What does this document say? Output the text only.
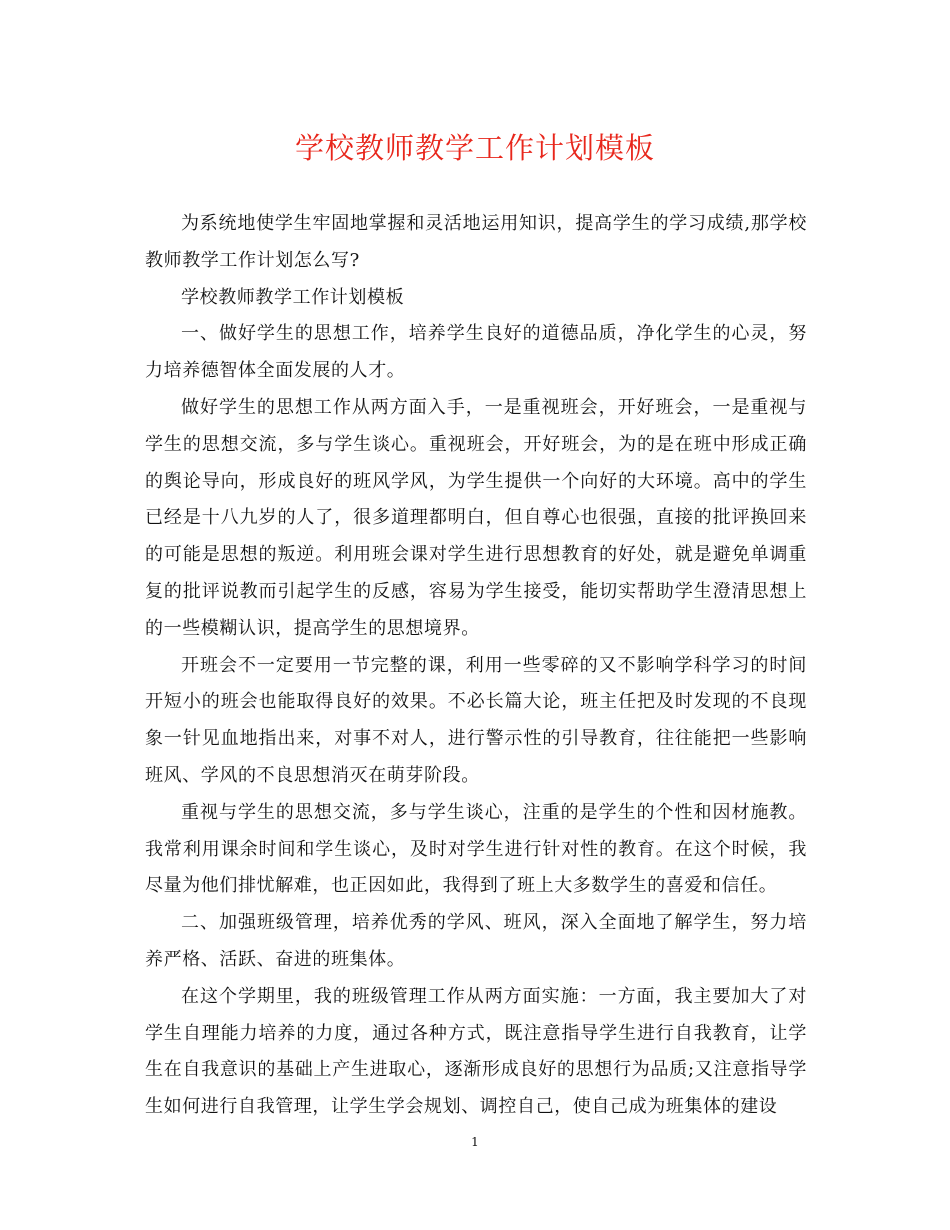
学校教师教学工作计划模板

为系统地使学生牢固地掌握和灵活地运用知识，提高学生的学习成绩,那学校教师教学工作计划怎么写?

学校教师教学工作计划模板

一、做好学生的思想工作，培养学生良好的道德品质，净化学生的心灵，努力培养德智体全面发展的人才。

做好学生的思想工作从两方面入手，一是重视班会，开好班会，一是重视与学生的思想交流，多与学生谈心。重视班会，开好班会，为的是在班中形成正确的舆论导向，形成良好的班风学风，为学生提供一个向好的大环境。高中的学生已经是十八九岁的人了，很多道理都明白，但自尊心也很强，直接的批评换回来的可能是思想的叛逆。利用班会课对学生进行思想教育的好处，就是避免单调重复的批评说教而引起学生的反感，容易为学生接受，能切实帮助学生澄清思想上的一些模糊认识，提高学生的思想境界。

开班会不一定要用一节完整的课，利用一些零碎的又不影响学科学习的时间开短小的班会也能取得良好的效果。不必长篇大论，班主任把及时发现的不良现象一针见血地指出来，对事不对人，进行警示性的引导教育，往往能把一些影响班风、学风的不良思想消灭在萌芽阶段。

重视与学生的思想交流，多与学生谈心，注重的是学生的个性和因材施教。我常利用课余时间和学生谈心，及时对学生进行针对性的教育。在这个时候，我尽量为他们排忧解难，也正因如此，我得到了班上大多数学生的喜爱和信任。

二、加强班级管理，培养优秀的学风、班风，深入全面地了解学生，努力培养严格、活跃、奋进的班集体。

在这个学期里，我的班级管理工作从两方面实施：一方面，我主要加大了对学生自理能力培养的力度，通过各种方式，既注意指导学生进行自我教育，让学生在自我意识的基础上产生进取心，逐渐形成良好的思想行为品质;又注意指导学生如何进行自我管理，让学生学会规划、调控自己，使自己成为班集体的建设

1
